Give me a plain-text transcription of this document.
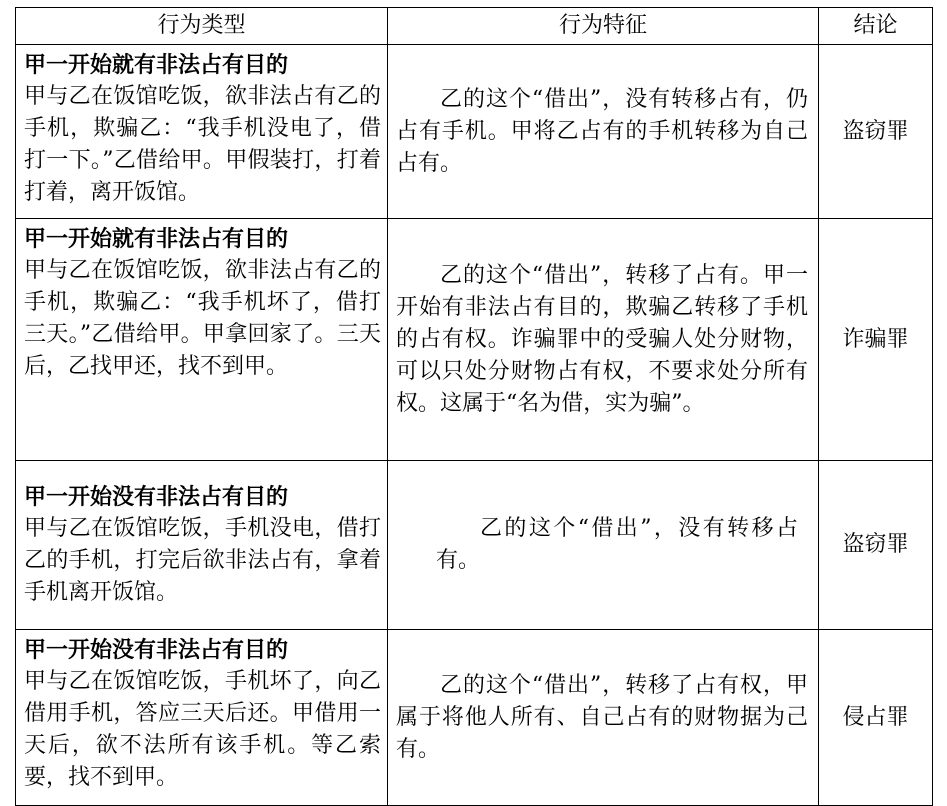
行为类型	行为特征	结论

甲一开始就有非法占有目的
甲与乙在饭馆吃饭，欲非法占有乙的手机，欺骗乙：“我手机没电了，借打一下。”乙借给甲。甲假装打，打着打着，离开饭馆。	乙的这个“借出”，没有转移占有，仍占有手机。甲将乙占有的手机转移为自己占有。	盗窃罪

甲一开始就有非法占有目的
甲与乙在饭馆吃饭，欲非法占有乙的手机，欺骗乙：“我手机坏了，借打三天。”乙借给甲。甲拿回家了。三天后，乙找甲还，找不到甲。	乙的这个“借出”，转移了占有。甲一开始有非法占有目的，欺骗乙转移了手机的占有权。诈骗罪中的受骗人处分财物，可以只处分财物占有权，不要求处分所有权。这属于“名为借，实为骗”。	诈骗罪

甲一开始没有非法占有目的
甲与乙在饭馆吃饭，手机没电，借打乙的手机，打完后欲非法占有，拿着手机离开饭馆。	乙的这个“借出”，没有转移占有。	盗窃罪

甲一开始没有非法占有目的
甲与乙在饭馆吃饭，手机坏了，向乙借用手机，答应三天后还。甲借用一天后，欲不法所有该手机。等乙索要，找不到甲。	乙的这个“借出”，转移了占有权，甲属于将他人所有、自己占有的财物据为己有。	侵占罪
